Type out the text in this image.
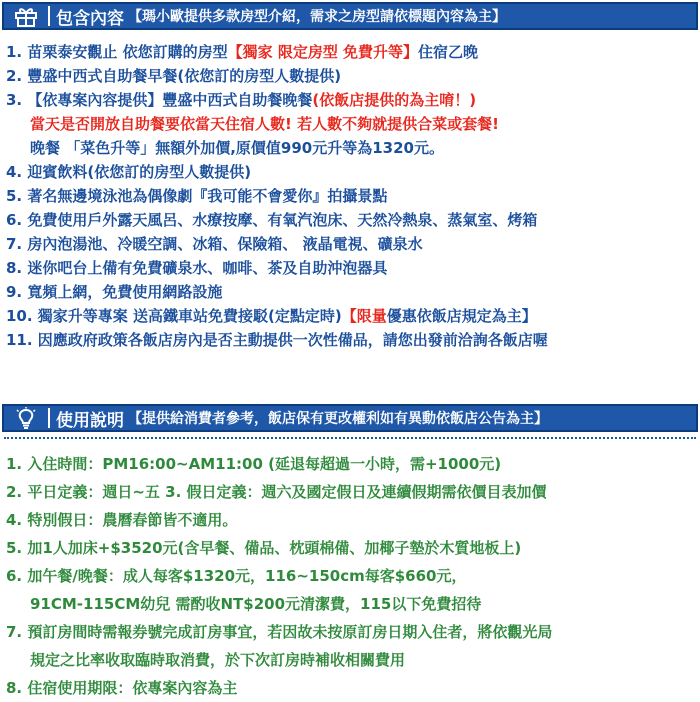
包含內容 【瑪小歐提供多款房型介紹，需求之房型請依標題內容為主】
1. 苗栗泰安觀止 依您訂購的房型【獨家 限定房型 免費升等】住宿乙晚
2. 豐盛中西式自助餐早餐(依您訂的房型人數提供)
3. 【依專案內容提供】豐盛中西式自助餐晚餐(依飯店提供的為主唷！)
當天是否開放自助餐要依當天住宿人數! 若人數不夠就提供合菜或套餐!
晚餐 「菜色升等」無額外加價,原價值990元升等為1320元。
4. 迎賓飲料(依您訂的房型人數提供)
5. 著名無邊境泳池為偶像劇『我可能不會愛你』拍攝景點
6. 免費使用戶外露天風呂、水療按摩、有氧汽泡床、天然冷熱泉、蒸氣室、烤箱
7. 房內泡湯池、冷暖空調、冰箱、保險箱、 液晶電視、礦泉水
8. 迷你吧台上備有免費礦泉水、咖啡、茶及自助沖泡器具
9. 寬頻上網，免費使用網路設施
10. 獨家升等專案 送高鐵車站免費接駁(定點定時)【限量優惠依飯店規定為主】
11. 因應政府政策各飯店房內是否主動提供一次性備品，請您出發前洽詢各飯店喔
使用說明 【提供給消費者參考，飯店保有更改權利如有異動依飯店公告為主】
1. 入住時間：PM16:00~AM11:00 (延退每超過一小時，需+1000元)
2. 平日定義：週日~五 3. 假日定義：週六及國定假日及連續假期需依價目表加價
4. 特別假日：農曆春節皆不適用。
5. 加1人加床+$3520元(含早餐、備品、枕頭棉備、加椰子墊於木質地板上)
6. 加午餐/晚餐：成人每客$1320元，116~150cm每客$660元，
91CM-115CM幼兒 需酌收NT$200元清潔費，115以下免費招待
7. 預訂房間時需報券號完成訂房事宜，若因故未按原訂房日期入住者，將依觀光局
規定之比率收取臨時取消費，於下次訂房時補收相關費用
8. 住宿使用期限：依專案內容為主
